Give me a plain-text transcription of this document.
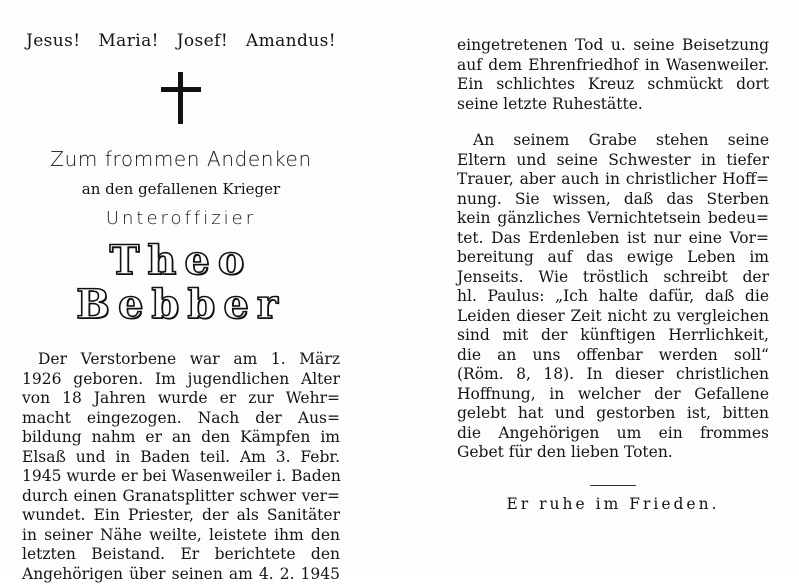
Jesus! Maria! Josef! Amandus!
Zum frommen Andenken
an den gefallenen Krieger
Unteroffizier
Theo Bebber
Der Verstorbene war am 1. März
1926 geboren. Im jugendlichen Alter
von 18 Jahren wurde er zur Wehr=
macht eingezogen. Nach der Aus=
bildung nahm er an den Kämpfen im
Elsaß und in Baden teil. Am 3. Febr.
1945 wurde er bei Wasenweiler i. Baden
durch einen Granatsplitter schwer ver=
wundet. Ein Priester, der als Sanitäter
in seiner Nähe weilte, leistete ihm den
letzten Beistand. Er berichtete den
Angehörigen über seinen am 4. 2. 1945
eingetretenen Tod u. seine Beisetzung
auf dem Ehrenfriedhof in Wasenweiler.
Ein schlichtes Kreuz schmückt dort
seine letzte Ruhestätte.
An seinem Grabe stehen seine
Eltern und seine Schwester in tiefer
Trauer, aber auch in christlicher Hoff=
nung. Sie wissen, daß das Sterben
kein gänzliches Vernichtetsein bedeu=
tet. Das Erdenleben ist nur eine Vor=
bereitung auf das ewige Leben im
Jenseits. Wie tröstlich schreibt der
hl. Paulus: „Ich halte dafür, daß die
Leiden dieser Zeit nicht zu vergleichen
sind mit der künftigen Herrlichkeit,
die an uns offenbar werden soll“
(Röm. 8, 18). In dieser christlichen
Hoffnung, in welcher der Gefallene
gelebt hat und gestorben ist, bitten
die Angehörigen um ein frommes
Gebet für den lieben Toten.
Er ruhe im Frieden.
